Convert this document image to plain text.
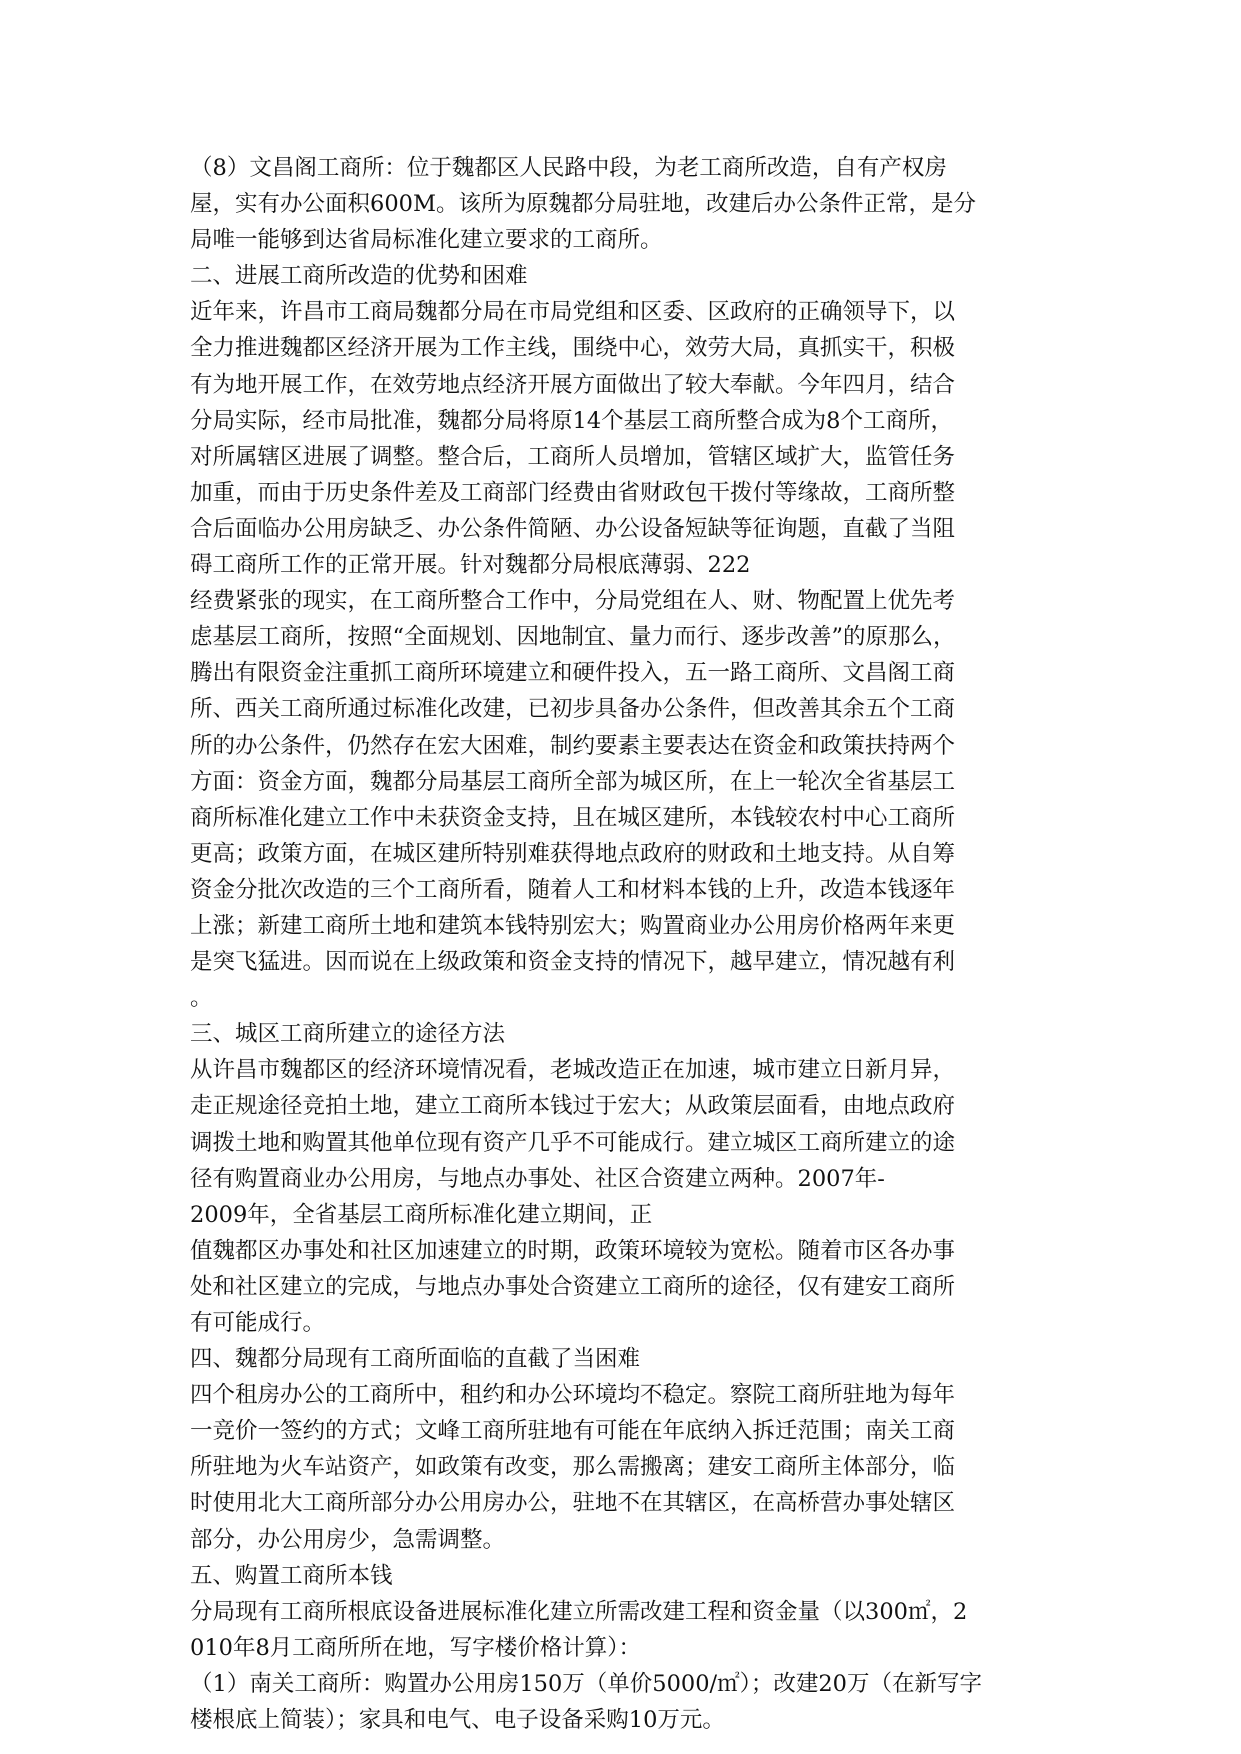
（8）文昌阁工商所：位于魏都区人民路中段，为老工商所改造，自有产权房
屋，实有办公面积600M。该所为原魏都分局驻地，改建后办公条件正常，是分
局唯一能够到达省局标准化建立要求的工商所。
二、进展工商所改造的优势和困难
近年来，许昌市工商局魏都分局在市局党组和区委、区政府的正确领导下，以
全力推进魏都区经济开展为工作主线，围绕中心，效劳大局，真抓实干，积极
有为地开展工作，在效劳地点经济开展方面做出了较大奉献。今年四月，结合
分局实际，经市局批准，魏都分局将原14个基层工商所整合成为8个工商所，
对所属辖区进展了调整。整合后，工商所人员增加，管辖区域扩大，监管任务
加重，而由于历史条件差及工商部门经费由省财政包干拨付等缘故，工商所整
合后面临办公用房缺乏、办公条件简陋、办公设备短缺等征询题，直截了当阻
碍工商所工作的正常开展。针对魏都分局根底薄弱、222
经费紧张的现实，在工商所整合工作中，分局党组在人、财、物配置上优先考
虑基层工商所，按照“全面规划、因地制宜、量力而行、逐步改善”的原那么，
腾出有限资金注重抓工商所环境建立和硬件投入，五一路工商所、文昌阁工商
所、西关工商所通过标准化改建，已初步具备办公条件，但改善其余五个工商
所的办公条件，仍然存在宏大困难，制约要素主要表达在资金和政策扶持两个
方面：资金方面，魏都分局基层工商所全部为城区所，在上一轮次全省基层工
商所标准化建立工作中未获资金支持，且在城区建所，本钱较农村中心工商所
更高；政策方面，在城区建所特别难获得地点政府的财政和土地支持。从自筹
资金分批次改造的三个工商所看，随着人工和材料本钱的上升，改造本钱逐年
上涨；新建工商所土地和建筑本钱特别宏大；购置商业办公用房价格两年来更
是突飞猛进。因而说在上级政策和资金支持的情况下，越早建立，情况越有利
。
三、城区工商所建立的途径方法
从许昌市魏都区的经济环境情况看，老城改造正在加速，城市建立日新月异，
走正规途径竞拍土地，建立工商所本钱过于宏大；从政策层面看，由地点政府
调拨土地和购置其他单位现有资产几乎不可能成行。建立城区工商所建立的途
径有购置商业办公用房，与地点办事处、社区合资建立两种。2007年-
2009年，全省基层工商所标准化建立期间，正
值魏都区办事处和社区加速建立的时期，政策环境较为宽松。随着市区各办事
处和社区建立的完成，与地点办事处合资建立工商所的途径，仅有建安工商所
有可能成行。
四、魏都分局现有工商所面临的直截了当困难
四个租房办公的工商所中，租约和办公环境均不稳定。察院工商所驻地为每年
一竞价一签约的方式；文峰工商所驻地有可能在年底纳入拆迁范围；南关工商
所驻地为火车站资产，如政策有改变，那么需搬离；建安工商所主体部分，临
时使用北大工商所部分办公用房办公，驻地不在其辖区，在高桥营办事处辖区
部分，办公用房少，急需调整。
五、购置工商所本钱
分局现有工商所根底设备进展标准化建立所需改建工程和资金量（以300㎡，2
010年8月工商所所在地，写字楼价格计算）：
（1）南关工商所：购置办公用房150万（单价5000/㎡）；改建20万（在新写字
楼根底上简装）；家具和电气、电子设备采购10万元。
